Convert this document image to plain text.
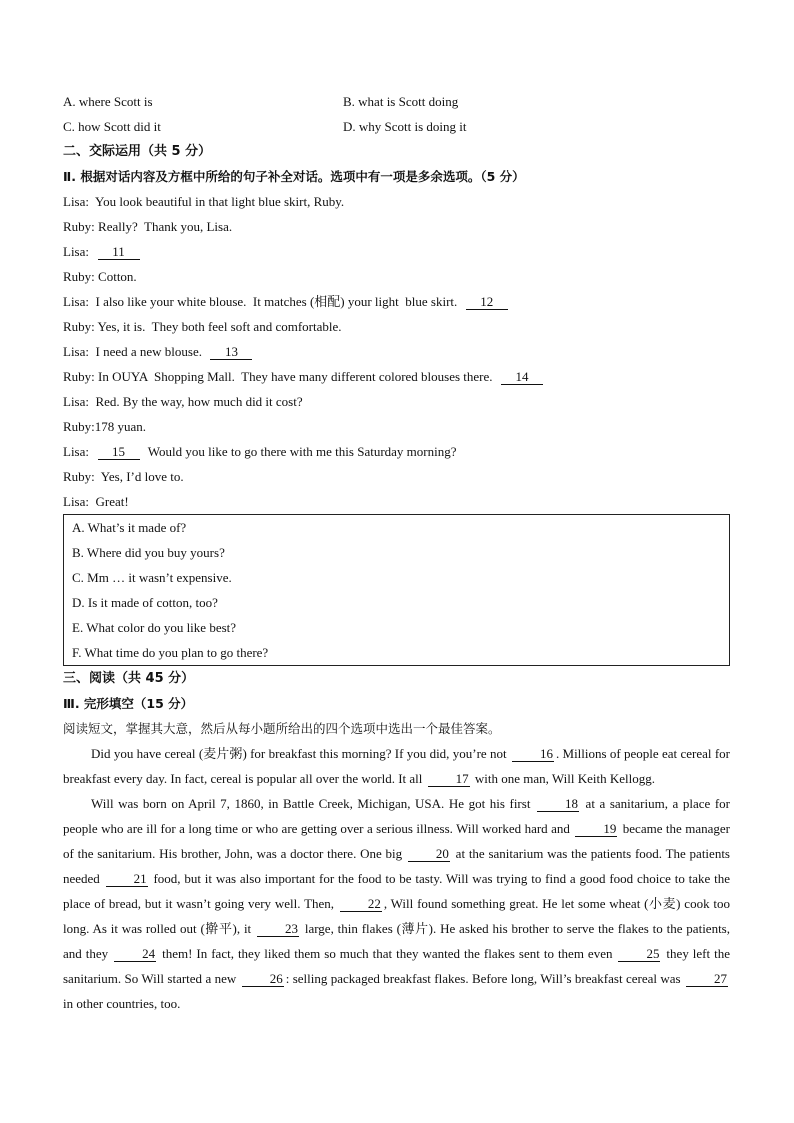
A. where Scott is	B. what is Scott doing
C. how Scott did it	D. why Scott is doing it
二、交际运用（共 5 分）
Ⅱ. 根据对话内容及方框中所给的句子补全对话。选项中有一项是多余选项。（5 分）
Lisa:  You look beautiful in that light blue skirt, Ruby.
Ruby: Really?  Thank you, Lisa.
Lisa:  11
Ruby: Cotton.
Lisa:  I also like your white blouse.  It matches (相配) your light  blue skirt.  12
Ruby: Yes, it is.  They both feel soft and comfortable.
Lisa:  I need a new blouse.  13
Ruby: In OUYA  Shopping Mall.  They have many different colored blouses there.  14
Lisa:  Red. By the way, how much did it cost?
Ruby:178 yuan.
Lisa:  15  Would you like to go there with me this Saturday morning?
Ruby:  Yes, I’d love to.
Lisa:  Great!
A. What’s it made of?
B. Where did you buy yours?
C. Mm … it wasn’t expensive.
D. Is it made of cotton, too?
E. What color do you like best?
F. What time do you plan to go there?
三、阅读（共 45 分）
Ⅲ. 完形填空（15 分）
阅读短文，掌握其大意，然后从每小题所给出的四个选项中选出一个最佳答案。
Did you have cereal (麦片粥) for breakfast this morning? If you did, you’re not 16 . Millions of people eat cereal for breakfast every day. In fact, cereal is popular all over the world. It all 17 with one man, Will Keith Kellogg.
Will was born on April 7, 1860, in Battle Creek, Michigan, USA. He got his first 18 at a sanitarium, a place for people who are ill for a long time or who are getting over a serious illness. Will worked hard and 19 became the manager of the sanitarium. His brother, John, was a doctor there. One big 20 at the sanitarium was the patients food. The patients needed 21 food, but it was also important for the food to be tasty. Will was trying to find a good food choice to take the place of bread, but it wasn’t going very well. Then, 22 , Will found something great. He let some wheat (小麦) cook too long. As it was rolled out (擀平), it 23 large, thin flakes (薄片). He asked his brother to serve the flakes to the patients, and they 24 them! In fact, they liked them so much that they wanted the flakes sent to them even 25 they left the sanitarium. So Will started a new 26 : selling packaged breakfast flakes. Before long, Will’s breakfast cereal was 27 in other countries, too.
